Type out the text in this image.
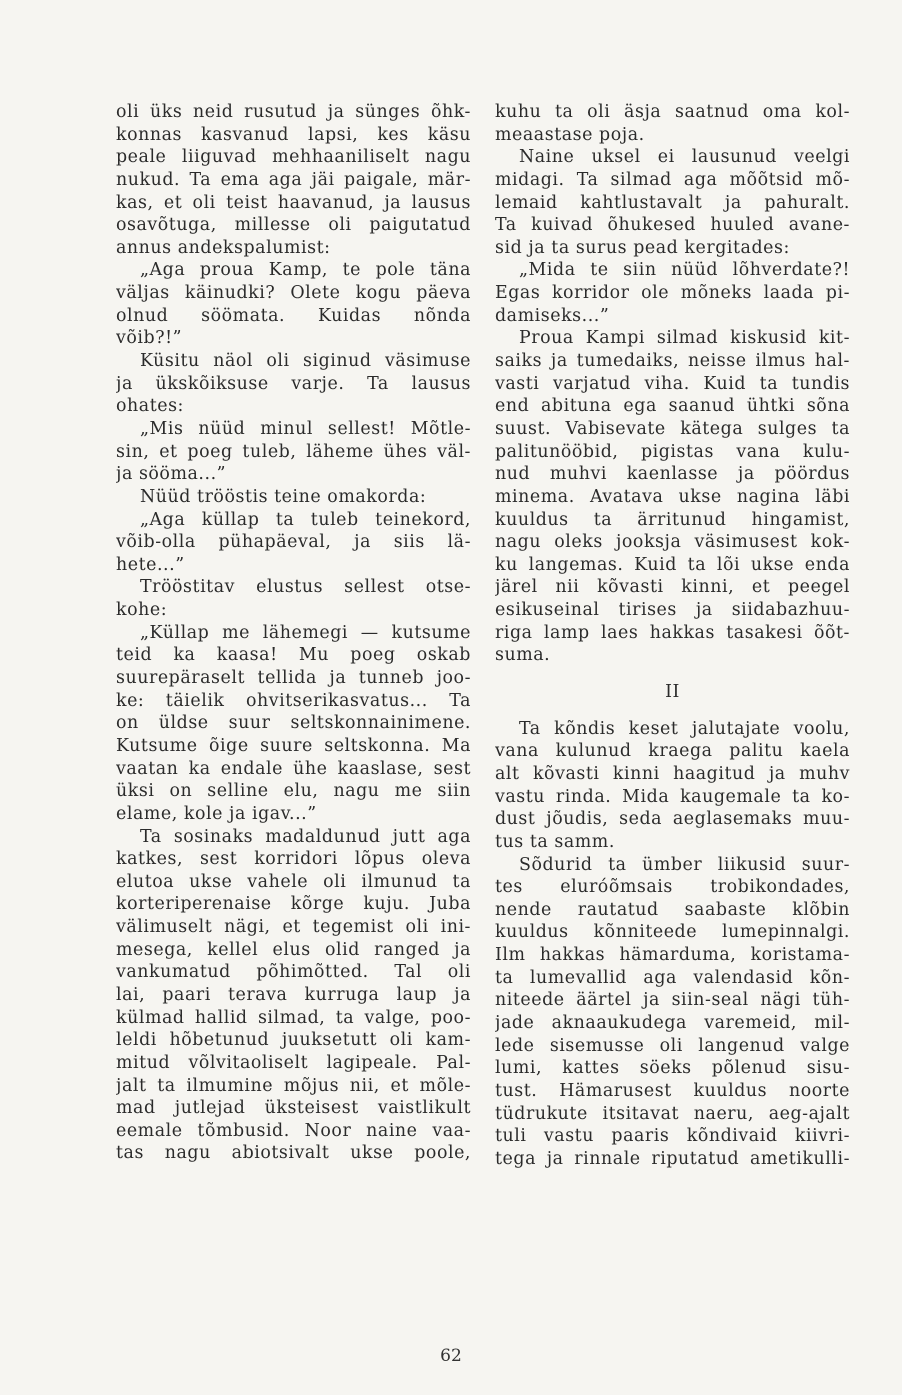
oli üks neid rusutud ja sünges õhk-
konnas kasvanud lapsi, kes käsu
peale liiguvad mehhaaniliselt nagu
nukud. Ta ema aga jäi paigale, mär-
kas, et oli teist haavanud, ja lausus
osavõtuga, millesse oli paigutatud
annus andekspalumist:
„Aga proua Kamp, te pole täna
väljas käinudki? Olete kogu päeva
olnud söömata. Kuidas nõnda
võib?!”
Küsitu näol oli siginud väsimuse
ja ükskõiksuse varje. Ta lausus
ohates:
„Mis nüüd minul sellest! Mõtle-
sin, et poeg tuleb, läheme ühes väl-
ja sööma...”
Nüüd trööstis teine omakorda:
„Aga küllap ta tuleb teinekord,
võib-olla pühapäeval, ja siis lä-
hete...”
Trööstitav elustus sellest otse-
kohe:
„Küllap me lähemegi — kutsume
teid ka kaasa! Mu poeg oskab
suurepäraselt tellida ja tunneb joo-
ke: täielik ohvitserikasvatus... Ta
on üldse suur seltskonnainimene.
Kutsume õige suure seltskonna. Ma
vaatan ka endale ühe kaaslase, sest
üksi on selline elu, nagu me siin
elame, kole ja igav...”
Ta sosinaks madaldunud jutt aga
katkes, sest korridori lõpus oleva
elutoa ukse vahele oli ilmunud ta
korteriperenaise kõrge kuju. Juba
välimuselt nägi, et tegemist oli ini-
mesega, kellel elus olid ranged ja
vankumatud põhimõtted. Tal oli
lai, paari terava kurruga laup ja
külmad hallid silmad, ta valge, poo-
leldi hõbetunud juuksetutt oli kam-
mitud võlvitaoliselt lagipeale. Pal-
jalt ta ilmumine mõjus nii, et mõle-
mad jutlejad üksteisest vaistlikult
eemale tõmbusid. Noor naine vaa-
tas nagu abiotsivalt ukse poole,
kuhu ta oli äsja saatnud oma kol-
meaastase poja.
Naine uksel ei lausunud veelgi
midagi. Ta silmad aga mõõtsid mõ-
lemaid kahtlustavalt ja pahuralt.
Ta kuivad õhukesed huuled avane-
sid ja ta surus pead kergitades:
„Mida te siin nüüd lõhverdate?!
Egas korridor ole mõneks laada pi-
damiseks...”
Proua Kampi silmad kiskusid kit-
saiks ja tumedaiks, neisse ilmus hal-
vasti varjatud viha. Kuid ta tundis
end abituna ega saanud ühtki sõna
suust. Vabisevate kätega sulges ta
palitunööbid, pigistas vana kulu-
nud muhvi kaenlasse ja pöördus
minema. Avatava ukse nagina läbi
kuuldus ta ärritunud hingamist,
nagu oleks jooksja väsimusest kok-
ku langemas. Kuid ta lõi ukse enda
järel nii kõvasti kinni, et peegel
esikuseinal tirises ja siidabazhuu-
riga lamp laes hakkas tasakesi õõt-
suma.
II
Ta kõndis keset jalutajate voolu,
vana kulunud kraega palitu kaela
alt kõvasti kinni haagitud ja muhv
vastu rinda. Mida kaugemale ta ko-
dust jõudis, seda aeglasemaks muu-
tus ta samm.
Sõdurid ta ümber liikusid suur-
tes eluróõmsais trobikondades,
nende rautatud saabaste klõbin
kuuldus kõnniteede lumepinnalgi.
Ilm hakkas hämarduma, koristama-
ta lumevallid aga valendasid kõn-
niteede äärtel ja siin-seal nägi tüh-
jade aknaaukudega varemeid, mil-
lede sisemusse oli langenud valge
lumi, kattes söeks põlenud sisu-
tust. Hämarusest kuuldus noorte
tüdrukute itsitavat naeru, aeg-ajalt
tuli vastu paaris kõndivaid kiivri-
tega ja rinnale riputatud ametikulli-
62
